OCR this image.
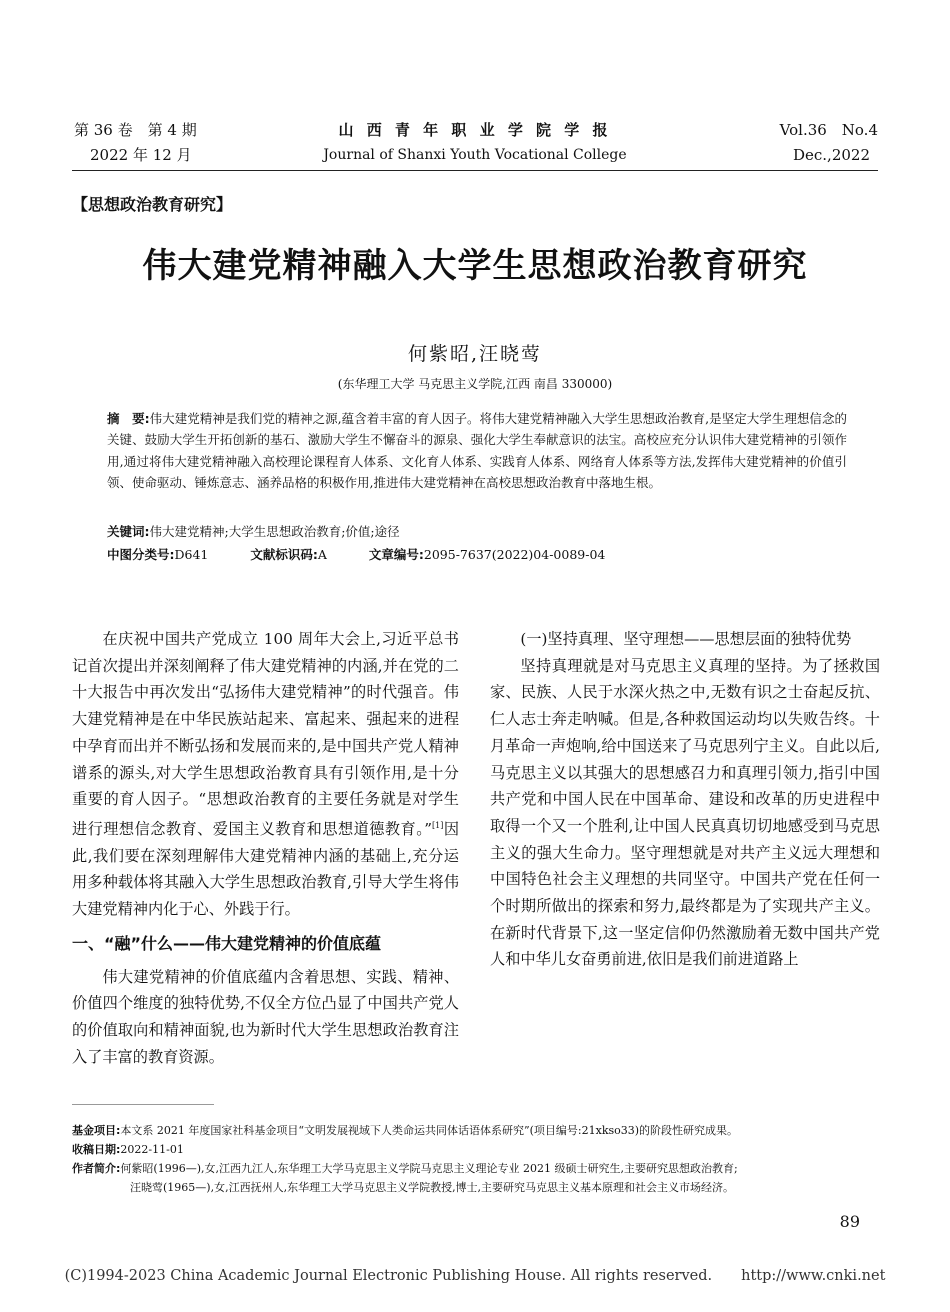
第 36 卷　第 4 期
2022 年 12 月
山 西 青 年 职 业 学 院 学 报
Journal of Shanxi Youth Vocational College
Vol.36　No.4
Dec.,2022
【思想政治教育研究】
伟大建党精神融入大学生思想政治教育研究
何紫昭,汪晓莺
(东华理工大学 马克思主义学院,江西 南昌 330000)
摘　要:伟大建党精神是我们党的精神之源,蕴含着丰富的育人因子。将伟大建党精神融入大学生思想政治教育,是坚定大学生理想信念的关键、鼓励大学生开拓创新的基石、激励大学生不懈奋斗的源泉、强化大学生奉献意识的法宝。高校应充分认识伟大建党精神的引领作用,通过将伟大建党精神融入高校理论课程育人体系、文化育人体系、实践育人体系、网络育人体系等方法,发挥伟大建党精神的价值引领、使命驱动、锤炼意志、涵养品格的积极作用,推进伟大建党精神在高校思想政治教育中落地生根。
关键词:伟大建党精神;大学生思想政治教育;价值;途径
中图分类号:D641	文献标识码:A	文章编号:2095-7637(2022)04-0089-04

在庆祝中国共产党成立 100 周年大会上,习近平总书记首次提出并深刻阐释了伟大建党精神的内涵,并在党的二十大报告中再次发出“弘扬伟大建党精神”的时代强音。伟大建党精神是在中华民族站起来、富起来、强起来的进程中孕育而出并不断弘扬和发展而来的,是中国共产党人精神谱系的源头,对大学生思想政治教育具有引领作用,是十分重要的育人因子。“思想政治教育的主要任务就是对学生进行理想信念教育、爱国主义教育和思想道德教育。”[1]因此,我们要在深刻理解伟大建党精神内涵的基础上,充分运用多种载体将其融入大学生思想政治教育,引导大学生将伟大建党精神内化于心、外践于行。

一、“融”什么——伟大建党精神的价值底蕴

伟大建党精神的价值底蕴内含着思想、实践、精神、价值四个维度的独特优势,不仅全方位凸显了中国共产党人的价值取向和精神面貌,也为新时代大学生思想政治教育注入了丰富的教育资源。

(一)坚持真理、坚守理想——思想层面的独特优势

坚持真理就是对马克思主义真理的坚持。为了拯救国家、民族、人民于水深火热之中,无数有识之士奋起反抗、仁人志士奔走呐喊。但是,各种救国运动均以失败告终。十月革命一声炮响,给中国送来了马克思列宁主义。自此以后,马克思主义以其强大的思想感召力和真理引领力,指引中国共产党和中国人民在中国革命、建设和改革的历史进程中取得一个又一个胜利,让中国人民真真切切地感受到马克思主义的强大生命力。坚守理想就是对共产主义远大理想和中国特色社会主义理想的共同坚守。中国共产党在任何一个时期所做出的探索和努力,最终都是为了实现共产主义。在新时代背景下,这一坚定信仰仍然激励着无数中国共产党人和中华儿女奋勇前进,依旧是我们前进道路上

基金项目:本文系 2021 年度国家社科基金项目“文明发展视域下人类命运共同体话语体系研究”(项目编号:21xkso33)的阶段性研究成果。
收稿日期:2022-11-01
作者简介:何紫昭(1996—),女,江西九江人,东华理工大学马克思主义学院马克思主义理论专业 2021 级硕士研究生,主要研究思想政治教育;
汪晓莺(1965—),女,江西抚州人,东华理工大学马克思主义学院教授,博士,主要研究马克思主义基本原理和社会主义市场经济。
89
(C)1994-2023 China Academic Journal Electronic Publishing House. All rights reserved.　　http://www.cnki.net
